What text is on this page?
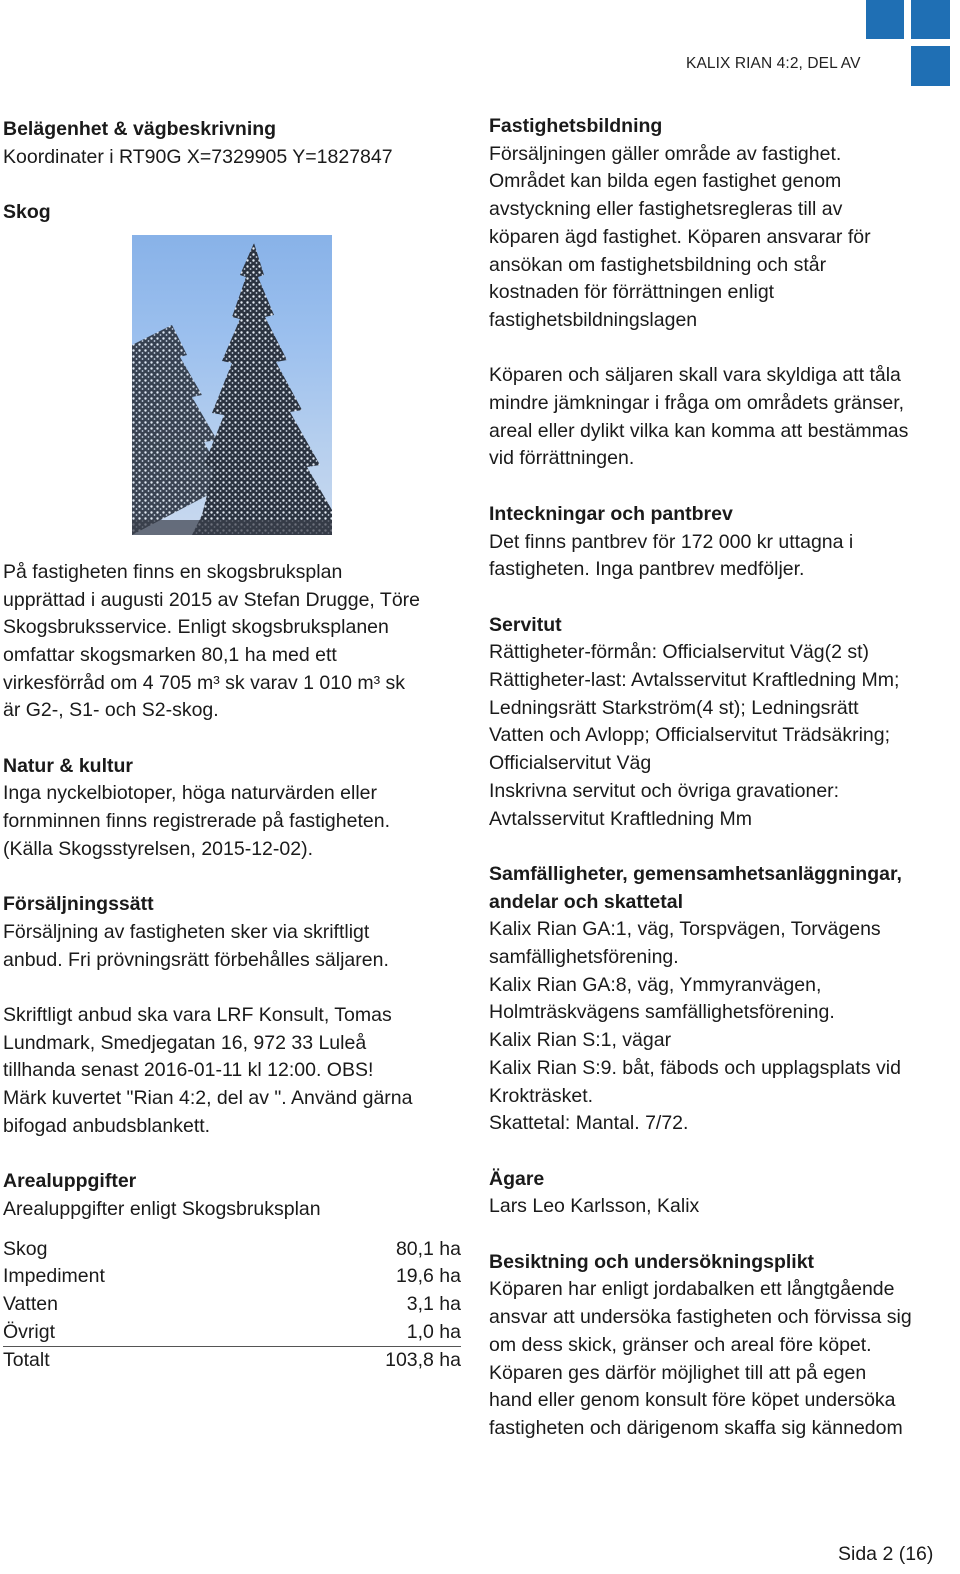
KALIX RIAN 4:2, DEL AV
Belägenhet & vägbeskrivning
Koordinater i RT90G X=7329905 Y=1827847
Skog
På fastigheten finns en skogsbruksplan
upprättad i augusti 2015 av Stefan Drugge, Töre
Skogsbruksservice. Enligt skogsbruksplanen
omfattar skogsmarken 80,1 ha med ett
virkesförråd om 4 705 m³ sk varav 1 010 m³ sk
är G2-, S1- och S2-skog.
Natur & kultur
Inga nyckelbiotoper, höga naturvärden eller
fornminnen finns registrerade på fastigheten.
(Källa Skogsstyrelsen, 2015-12-02).
Försäljningssätt
Försäljning av fastigheten sker via skriftligt
anbud. Fri prövningsrätt förbehålles säljaren.
Skriftligt anbud ska vara LRF Konsult, Tomas
Lundmark, Smedjegatan 16, 972 33 Luleå
tillhanda senast 2016-01-11 kl 12:00. OBS!
Märk kuvertet "Rian 4:2, del av ". Använd gärna
bifogad anbudsblankett.
Arealuppgifter
Arealuppgifter enligt Skogsbruksplan
Skog	80,1 ha
Impediment	19,6 ha
Vatten	3,1 ha
Övrigt	1,0 ha
Totalt	103,8 ha
Fastighetsbildning
Försäljningen gäller område av fastighet.
Området kan bilda egen fastighet genom
avstyckning eller fastighetsregleras till av
köparen ägd fastighet. Köparen ansvarar för
ansökan om fastighetsbildning och står
kostnaden för förrättningen enligt
fastighetsbildningslagen
Köparen och säljaren skall vara skyldiga att tåla
mindre jämkningar i fråga om områdets gränser,
areal eller dylikt vilka kan komma att bestämmas
vid förrättningen.
Inteckningar och pantbrev
Det finns pantbrev för 172 000 kr uttagna i
fastigheten. Inga pantbrev medföljer.
Servitut
Rättigheter-förmån: Officialservitut Väg(2 st)
Rättigheter-last: Avtalsservitut Kraftledning Mm;
Ledningsrätt Starkström(4 st); Ledningsrätt
Vatten och Avlopp; Officialservitut Trädsäkring;
Officialservitut Väg
Inskrivna servitut och övriga gravationer:
Avtalsservitut Kraftledning Mm
Samfälligheter, gemensamhetsanläggningar,
andelar och skattetal
Kalix Rian GA:1, väg, Torspvägen, Torvägens
samfällighetsförening.
Kalix Rian GA:8, väg, Ymmyranvägen,
Holmträskvägens samfällighetsförening.
Kalix Rian S:1, vägar
Kalix Rian S:9. båt, fäbods och upplagsplats vid
Krokträsket.
Skattetal: Mantal. 7/72.
Ägare
Lars Leo Karlsson, Kalix
Besiktning och undersökningsplikt
Köparen har enligt jordabalken ett långtgående
ansvar att undersöka fastigheten och förvissa sig
om dess skick, gränser och areal före köpet.
Köparen ges därför möjlighet till att på egen
hand eller genom konsult före köpet undersöka
fastigheten och därigenom skaffa sig kännedom
Sida 2 (16)
